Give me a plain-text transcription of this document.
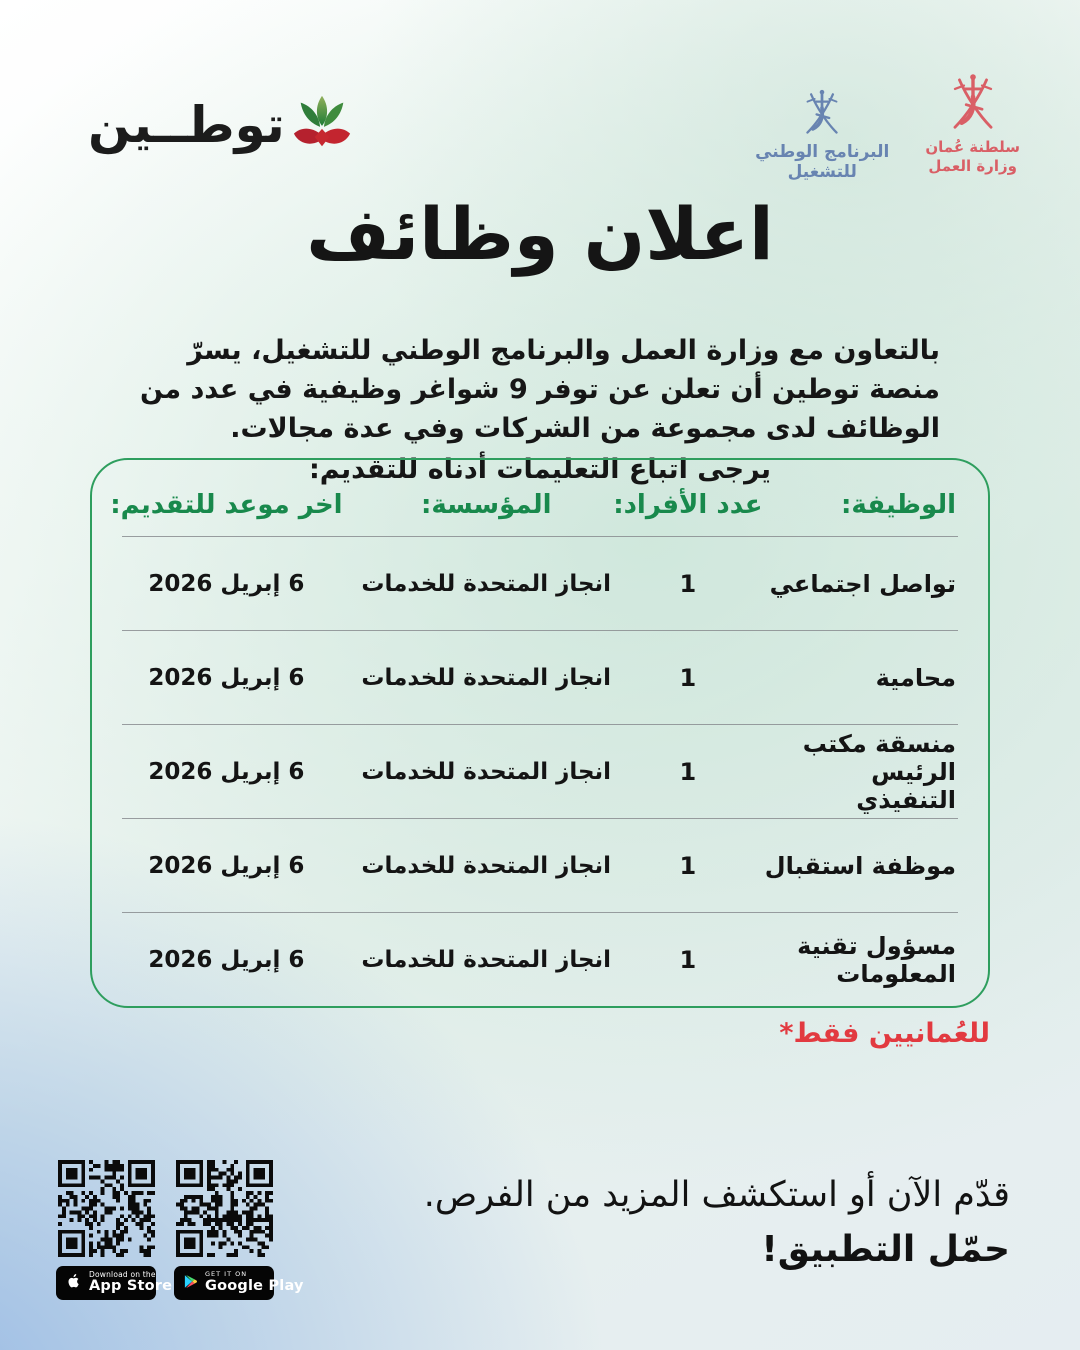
توطــين	سلطنة عُمان
وزارة العمل
البرنامج الوطني
للتشغيل
اعلان وظائف

بالتعاون مع وزارة العمل والبرنامج الوطني للتشغيل، يسرّ منصة توطين أن تعلن عن توفر 9 شواغر وظيفية في عدد من الوظائف لدى مجموعة من الشركات وفي عدة مجالات.

يرجى اتباع التعليمات أدناه للتقديم:

الوظيفة:
عدد الأفراد:
المؤسسة:
اخر موعد للتقديم:
تواصل اجتماعي
1
انجاز المتحدة للخدمات
6 إبريل 2026
محامية
1
انجاز المتحدة للخدمات
6 إبريل 2026
منسقة مكتب الرئيس التنفيذي
1
انجاز المتحدة للخدمات
6 إبريل 2026
موظفة استقبال
1
انجاز المتحدة للخدمات
6 إبريل 2026
مسؤول تقنية المعلومات
1
انجاز المتحدة للخدمات
6 إبريل 2026

للعُمانيين فقط*

قدّم الآن أو استكشف المزيد من الفرص.

حمّل التطبيق!

Download on the
App Store
GET IT ON
Google Play
